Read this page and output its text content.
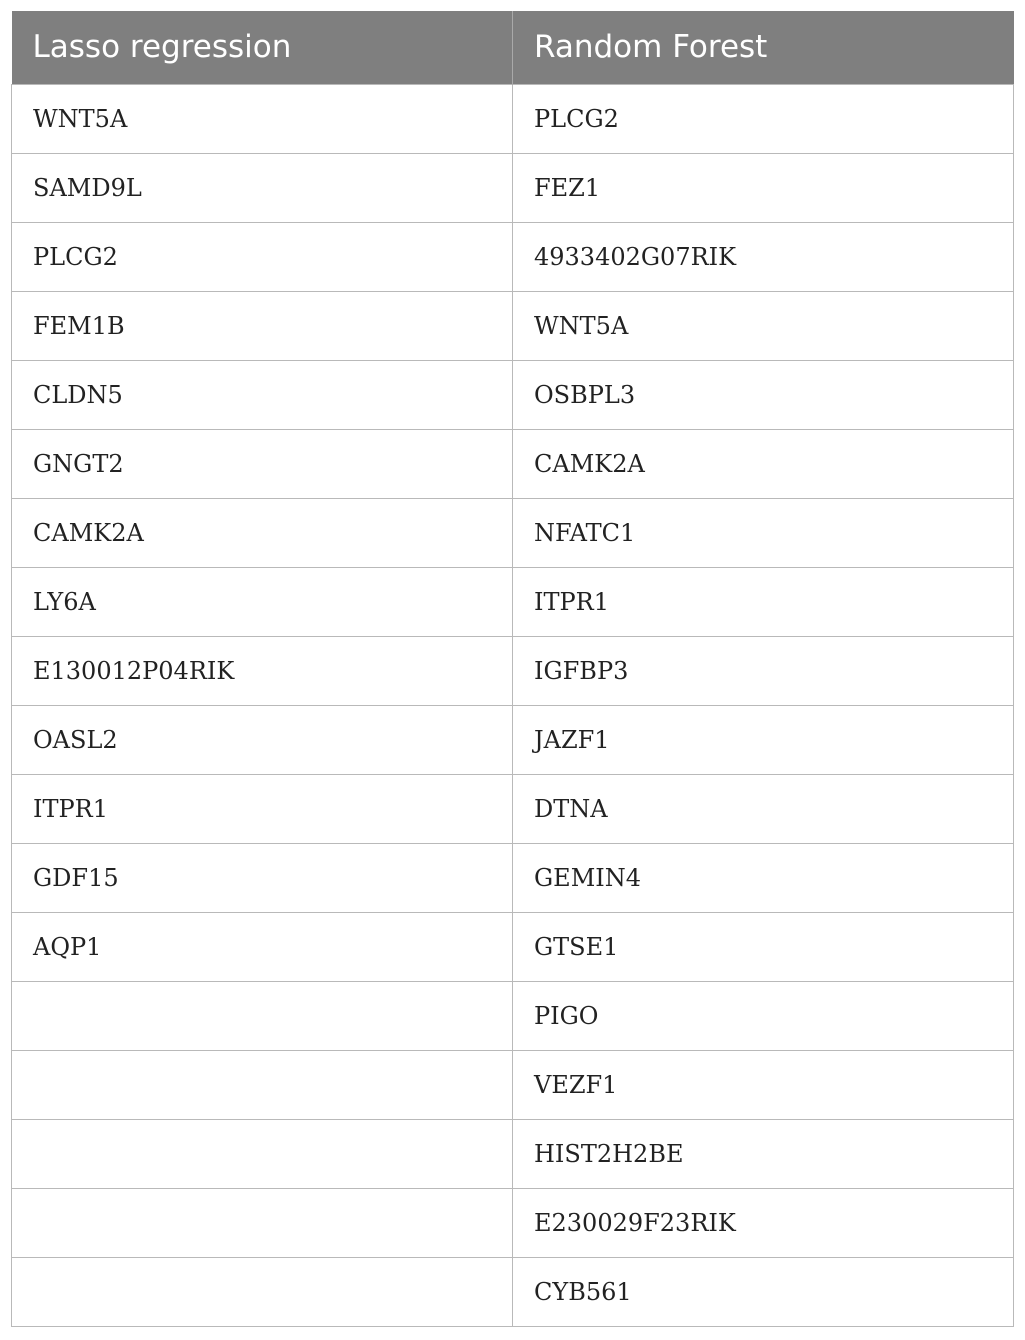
Lasso regression	Random Forest
WNT5A	PLCG2
SAMD9L	FEZ1
PLCG2	4933402G07RIK
FEM1B	WNT5A
CLDN5	OSBPL3
GNGT2	CAMK2A
CAMK2A	NFATC1
LY6A	ITPR1
E130012P04RIK	IGFBP3
OASL2	JAZF1
ITPR1	DTNA
GDF15	GEMIN4
AQP1	GTSE1
	PIGO
	VEZF1
	HIST2H2BE
	E230029F23RIK
	CYB561
